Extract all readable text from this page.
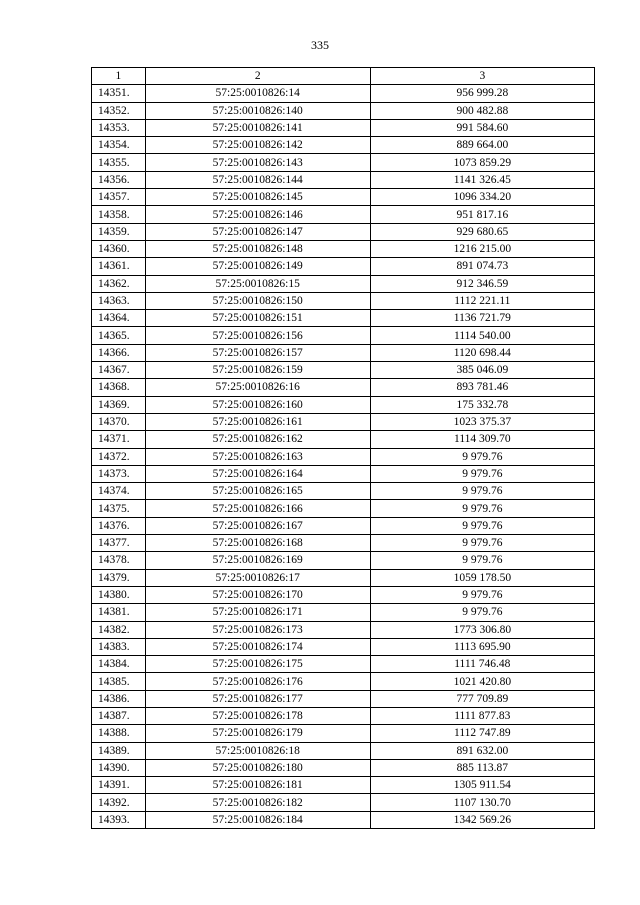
335
1	2	3
14351.	57:25:0010826:14	956 999.28
14352.	57:25:0010826:140	900 482.88
14353.	57:25:0010826:141	991 584.60
14354.	57:25:0010826:142	889 664.00
14355.	57:25:0010826:143	1073 859.29
14356.	57:25:0010826:144	1141 326.45
14357.	57:25:0010826:145	1096 334.20
14358.	57:25:0010826:146	951 817.16
14359.	57:25:0010826:147	929 680.65
14360.	57:25:0010826:148	1216 215.00
14361.	57:25:0010826:149	891 074.73
14362.	57:25:0010826:15	912 346.59
14363.	57:25:0010826:150	1112 221.11
14364.	57:25:0010826:151	1136 721.79
14365.	57:25:0010826:156	1114 540.00
14366.	57:25:0010826:157	1120 698.44
14367.	57:25:0010826:159	385 046.09
14368.	57:25:0010826:16	893 781.46
14369.	57:25:0010826:160	175 332.78
14370.	57:25:0010826:161	1023 375.37
14371.	57:25:0010826:162	1114 309.70
14372.	57:25:0010826:163	9 979.76
14373.	57:25:0010826:164	9 979.76
14374.	57:25:0010826:165	9 979.76
14375.	57:25:0010826:166	9 979.76
14376.	57:25:0010826:167	9 979.76
14377.	57:25:0010826:168	9 979.76
14378.	57:25:0010826:169	9 979.76
14379.	57:25:0010826:17	1059 178.50
14380.	57:25:0010826:170	9 979.76
14381.	57:25:0010826:171	9 979.76
14382.	57:25:0010826:173	1773 306.80
14383.	57:25:0010826:174	1113 695.90
14384.	57:25:0010826:175	1111 746.48
14385.	57:25:0010826:176	1021 420.80
14386.	57:25:0010826:177	777 709.89
14387.	57:25:0010826:178	1111 877.83
14388.	57:25:0010826:179	1112 747.89
14389.	57:25:0010826:18	891 632.00
14390.	57:25:0010826:180	885 113.87
14391.	57:25:0010826:181	1305 911.54
14392.	57:25:0010826:182	1107 130.70
14393.	57:25:0010826:184	1342 569.26
